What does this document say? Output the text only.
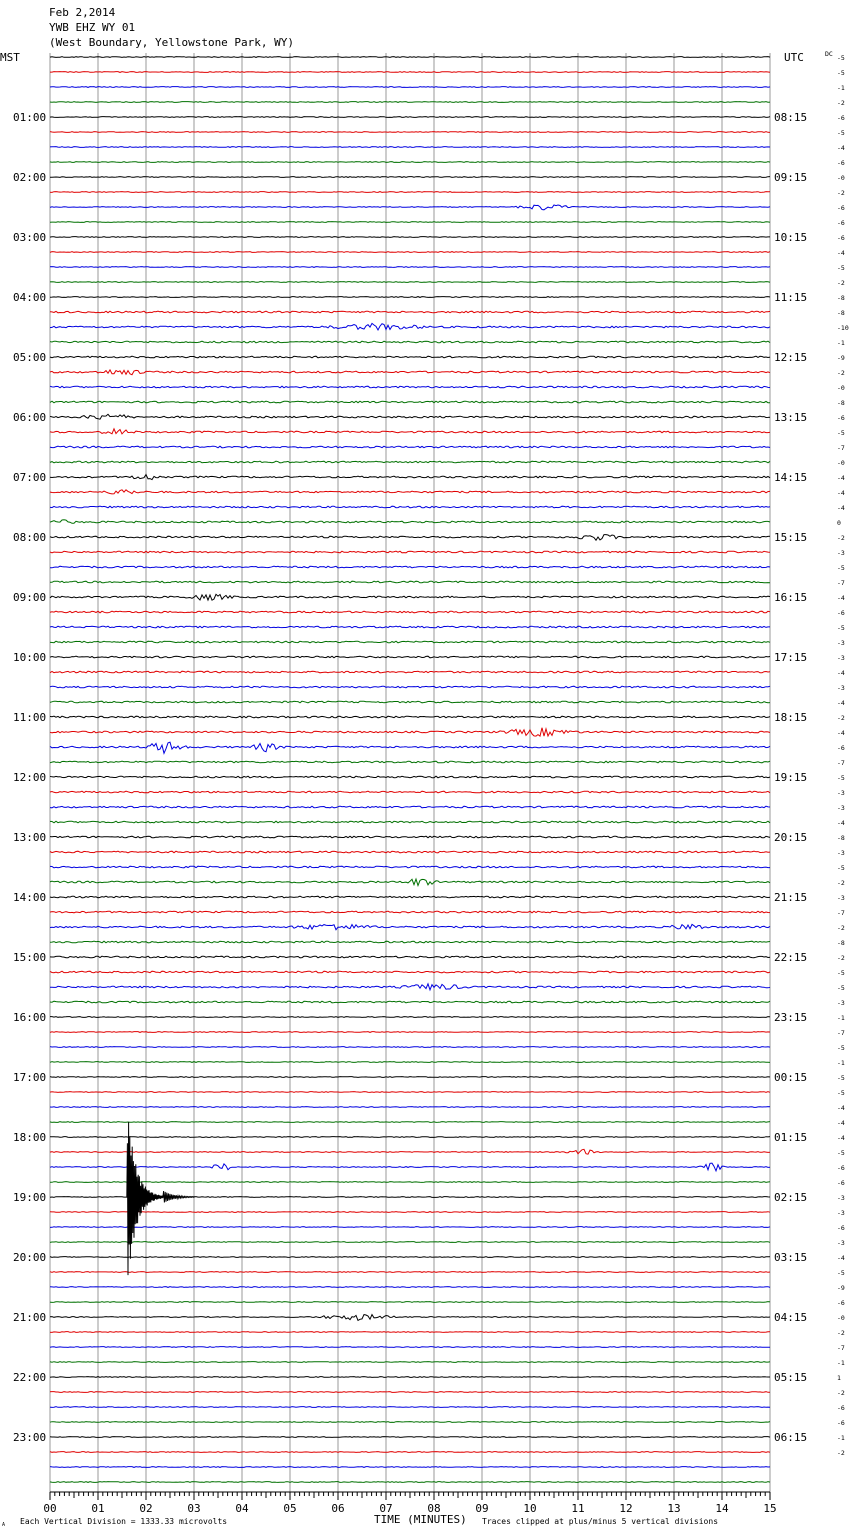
Feb 2,2014
YWB EHZ WY 01
(West Boundary, Yellowstone Park, WY)
MST	UTC	DC
01:00
02:00
03:00
04:00
05:00
06:00
07:00
08:00
09:00
10:00
11:00
12:00
13:00
14:00
15:00
16:00
17:00
18:00
19:00
20:00
21:00
22:00
23:00
08:15
09:15
10:15
11:15
12:15
13:15
14:15
15:15
16:15
17:15
18:15
19:15
20:15
21:15
22:15
23:15
00:15
01:15
02:15
03:15
04:15
05:15
06:15
-5
-5
-1
-2
-6
-5
-4
-6
-0
-2
-6
-6
-6
-4
-5
-2
-8
-8
-10
-1
-9
-2
-0
-8
-6
-5
-7
-0
-4
-4
-4
0
-2
-3
-5
-7
-4
-6
-5
-3
-3
-4
-3
-4
-2
-4
-6
-7
-5
-3
-3
-4
-8
-3
-5
-2
-3
-7
-2
-8
-2
-5
-5
-3
-1
-7
-5
-1
-5
-5
-4
-4
-4
-5
-6
-6
-3
-3
-6
-3
-4
-5
-9
-6
-0
-2
-7
-1
1
-2
-6
-6
-1
-2
00	01	02	03	04	05	06	07	08	09	10	11	12	13	14	15
TIME (MINUTES)
Each Vertical Division = 1333.33 microvolts	Traces clipped at plus/minus 5 vertical divisions
A
